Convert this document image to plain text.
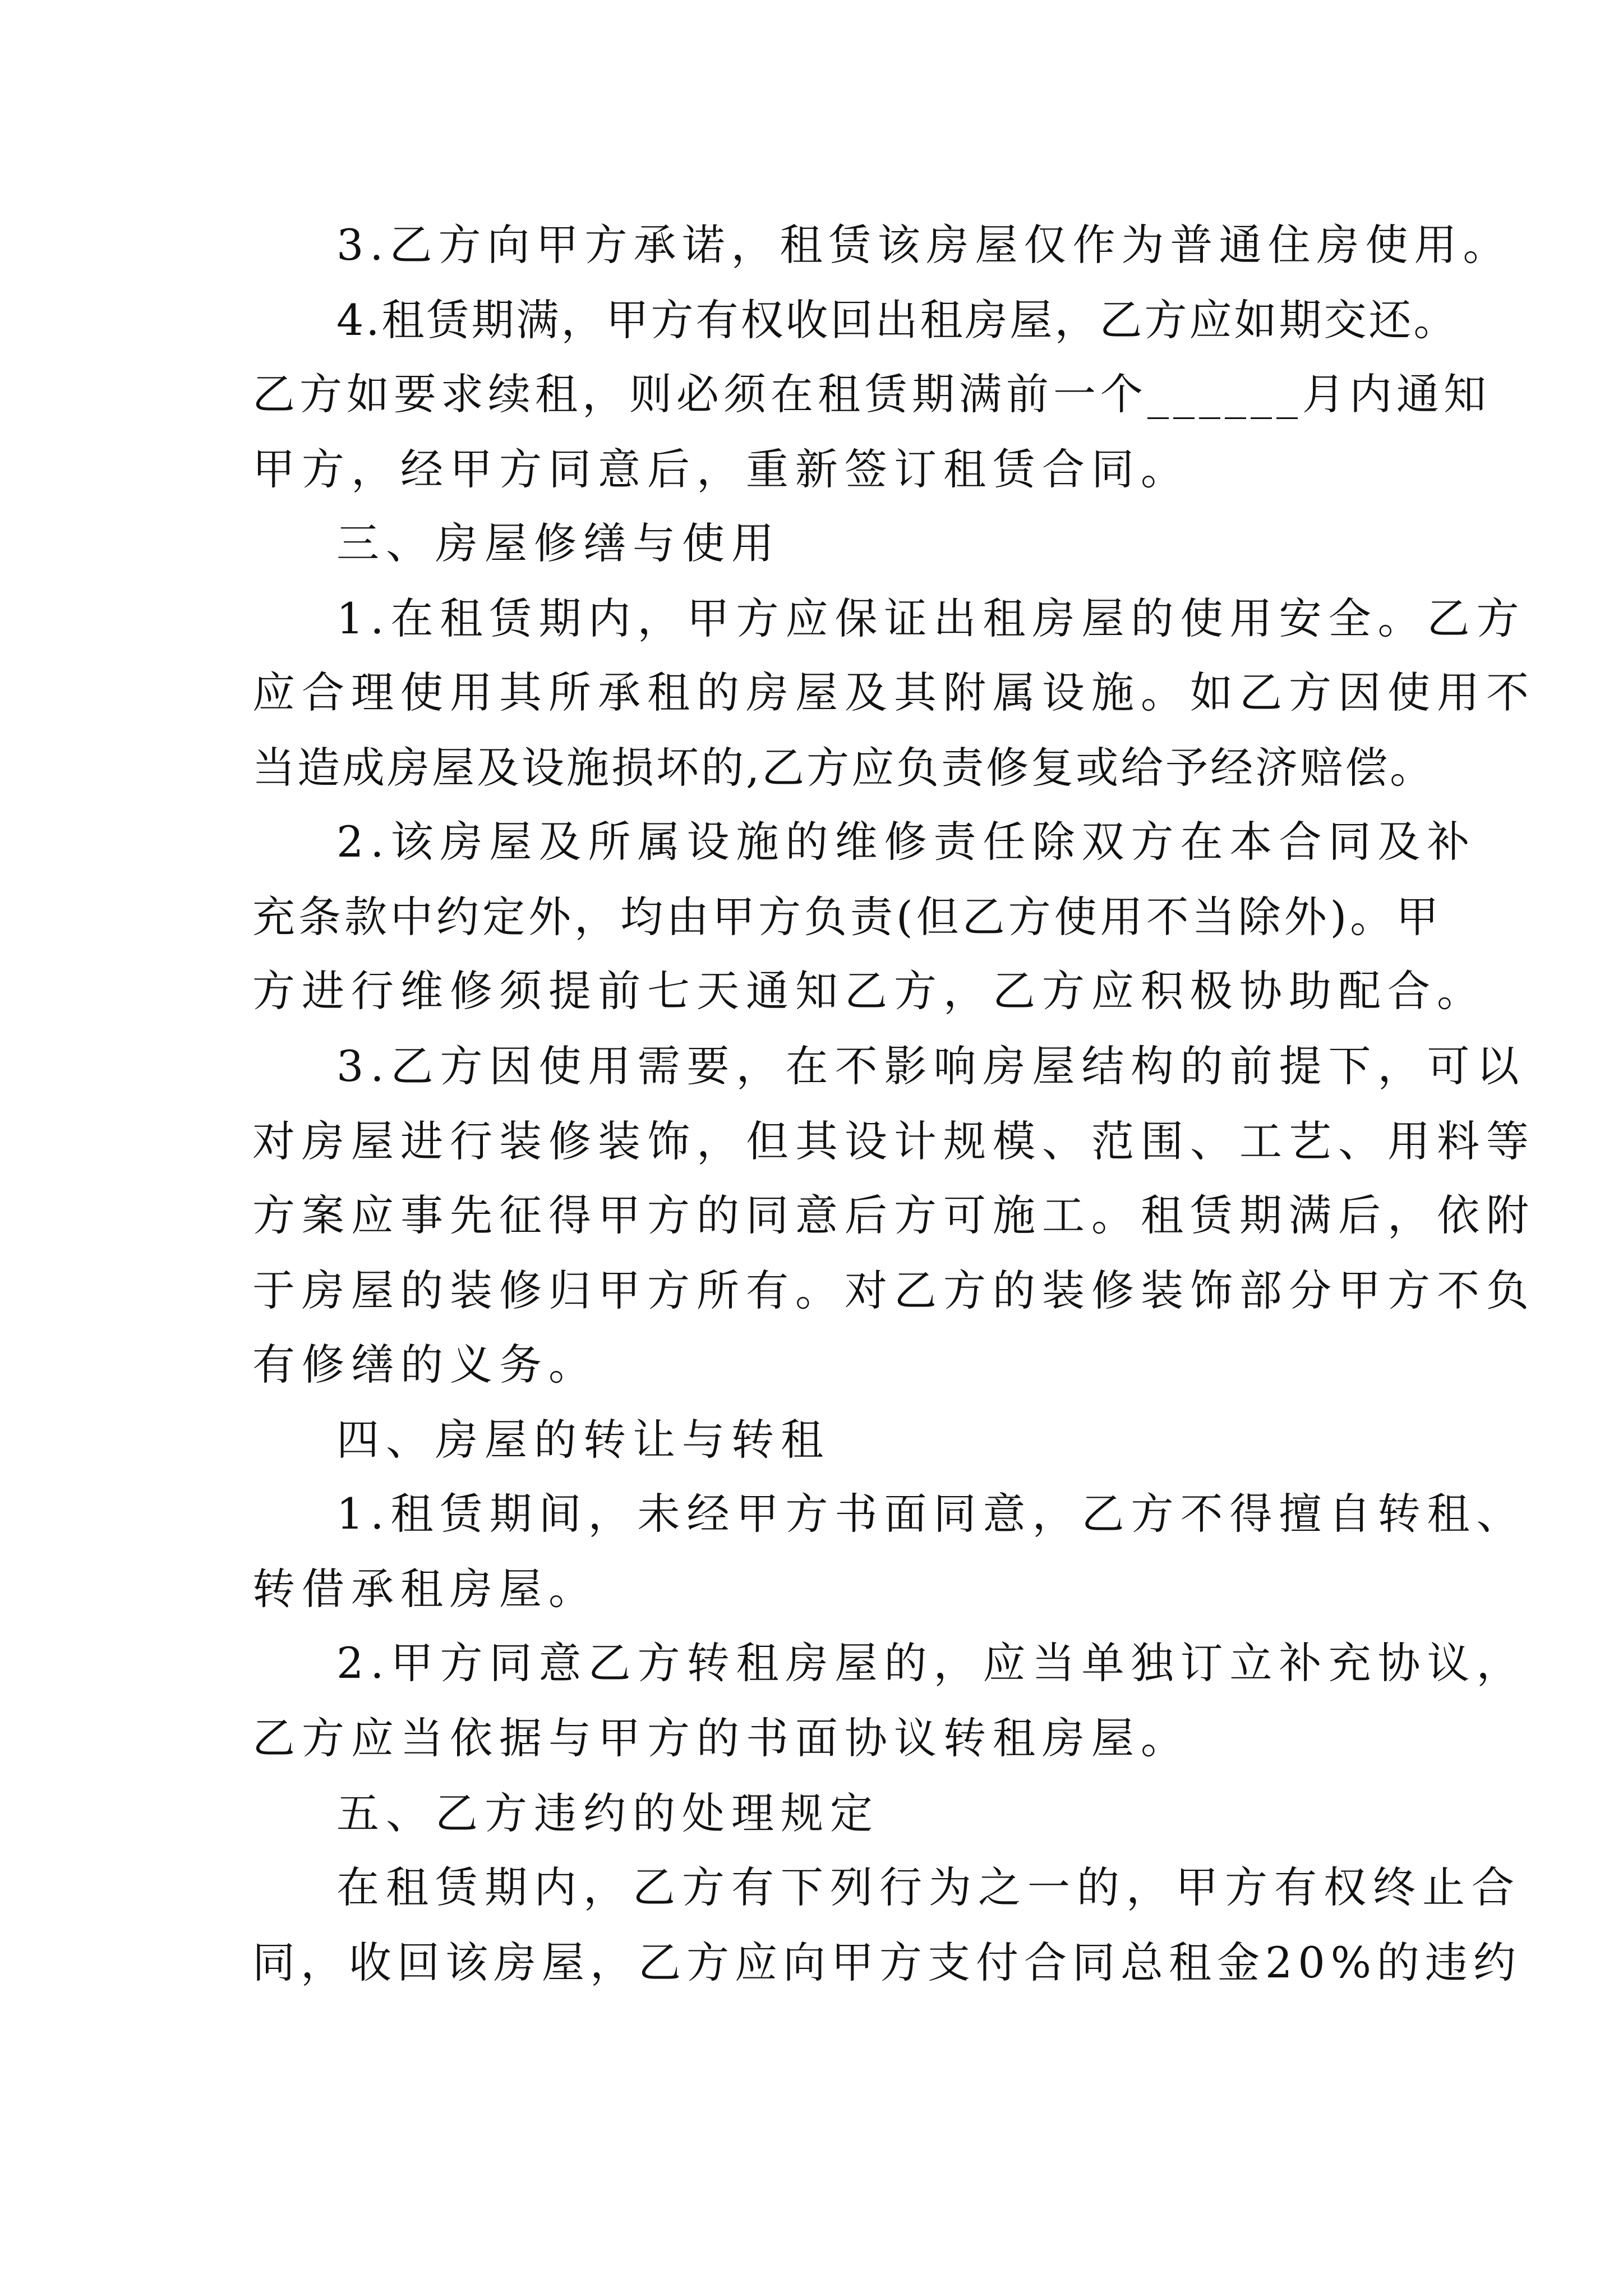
3.乙方向甲方承诺，租赁该房屋仅作为普通住房使用。
4.租赁期满，甲方有权收回出租房屋，乙方应如期交还。
乙方如要求续租，则必须在租赁期满前一个______月内通知
甲方，经甲方同意后，重新签订租赁合同。
三、房屋修缮与使用
1.在租赁期内，甲方应保证出租房屋的使用安全。乙方
应合理使用其所承租的房屋及其附属设施。如乙方因使用不
当造成房屋及设施损坏的,乙方应负责修复或给予经济赔偿。
2.该房屋及所属设施的维修责任除双方在本合同及补
充条款中约定外，均由甲方负责(但乙方使用不当除外)。甲
方进行维修须提前七天通知乙方，乙方应积极协助配合。
3.乙方因使用需要，在不影响房屋结构的前提下，可以
对房屋进行装修装饰，但其设计规模、范围、工艺、用料等
方案应事先征得甲方的同意后方可施工。租赁期满后，依附
于房屋的装修归甲方所有。对乙方的装修装饰部分甲方不负
有修缮的义务。
四、房屋的转让与转租
1.租赁期间，未经甲方书面同意，乙方不得擅自转租、
转借承租房屋。
2.甲方同意乙方转租房屋的，应当单独订立补充协议，
乙方应当依据与甲方的书面协议转租房屋。
五、乙方违约的处理规定
在租赁期内，乙方有下列行为之一的，甲方有权终止合
同，收回该房屋，乙方应向甲方支付合同总租金20%的违约
